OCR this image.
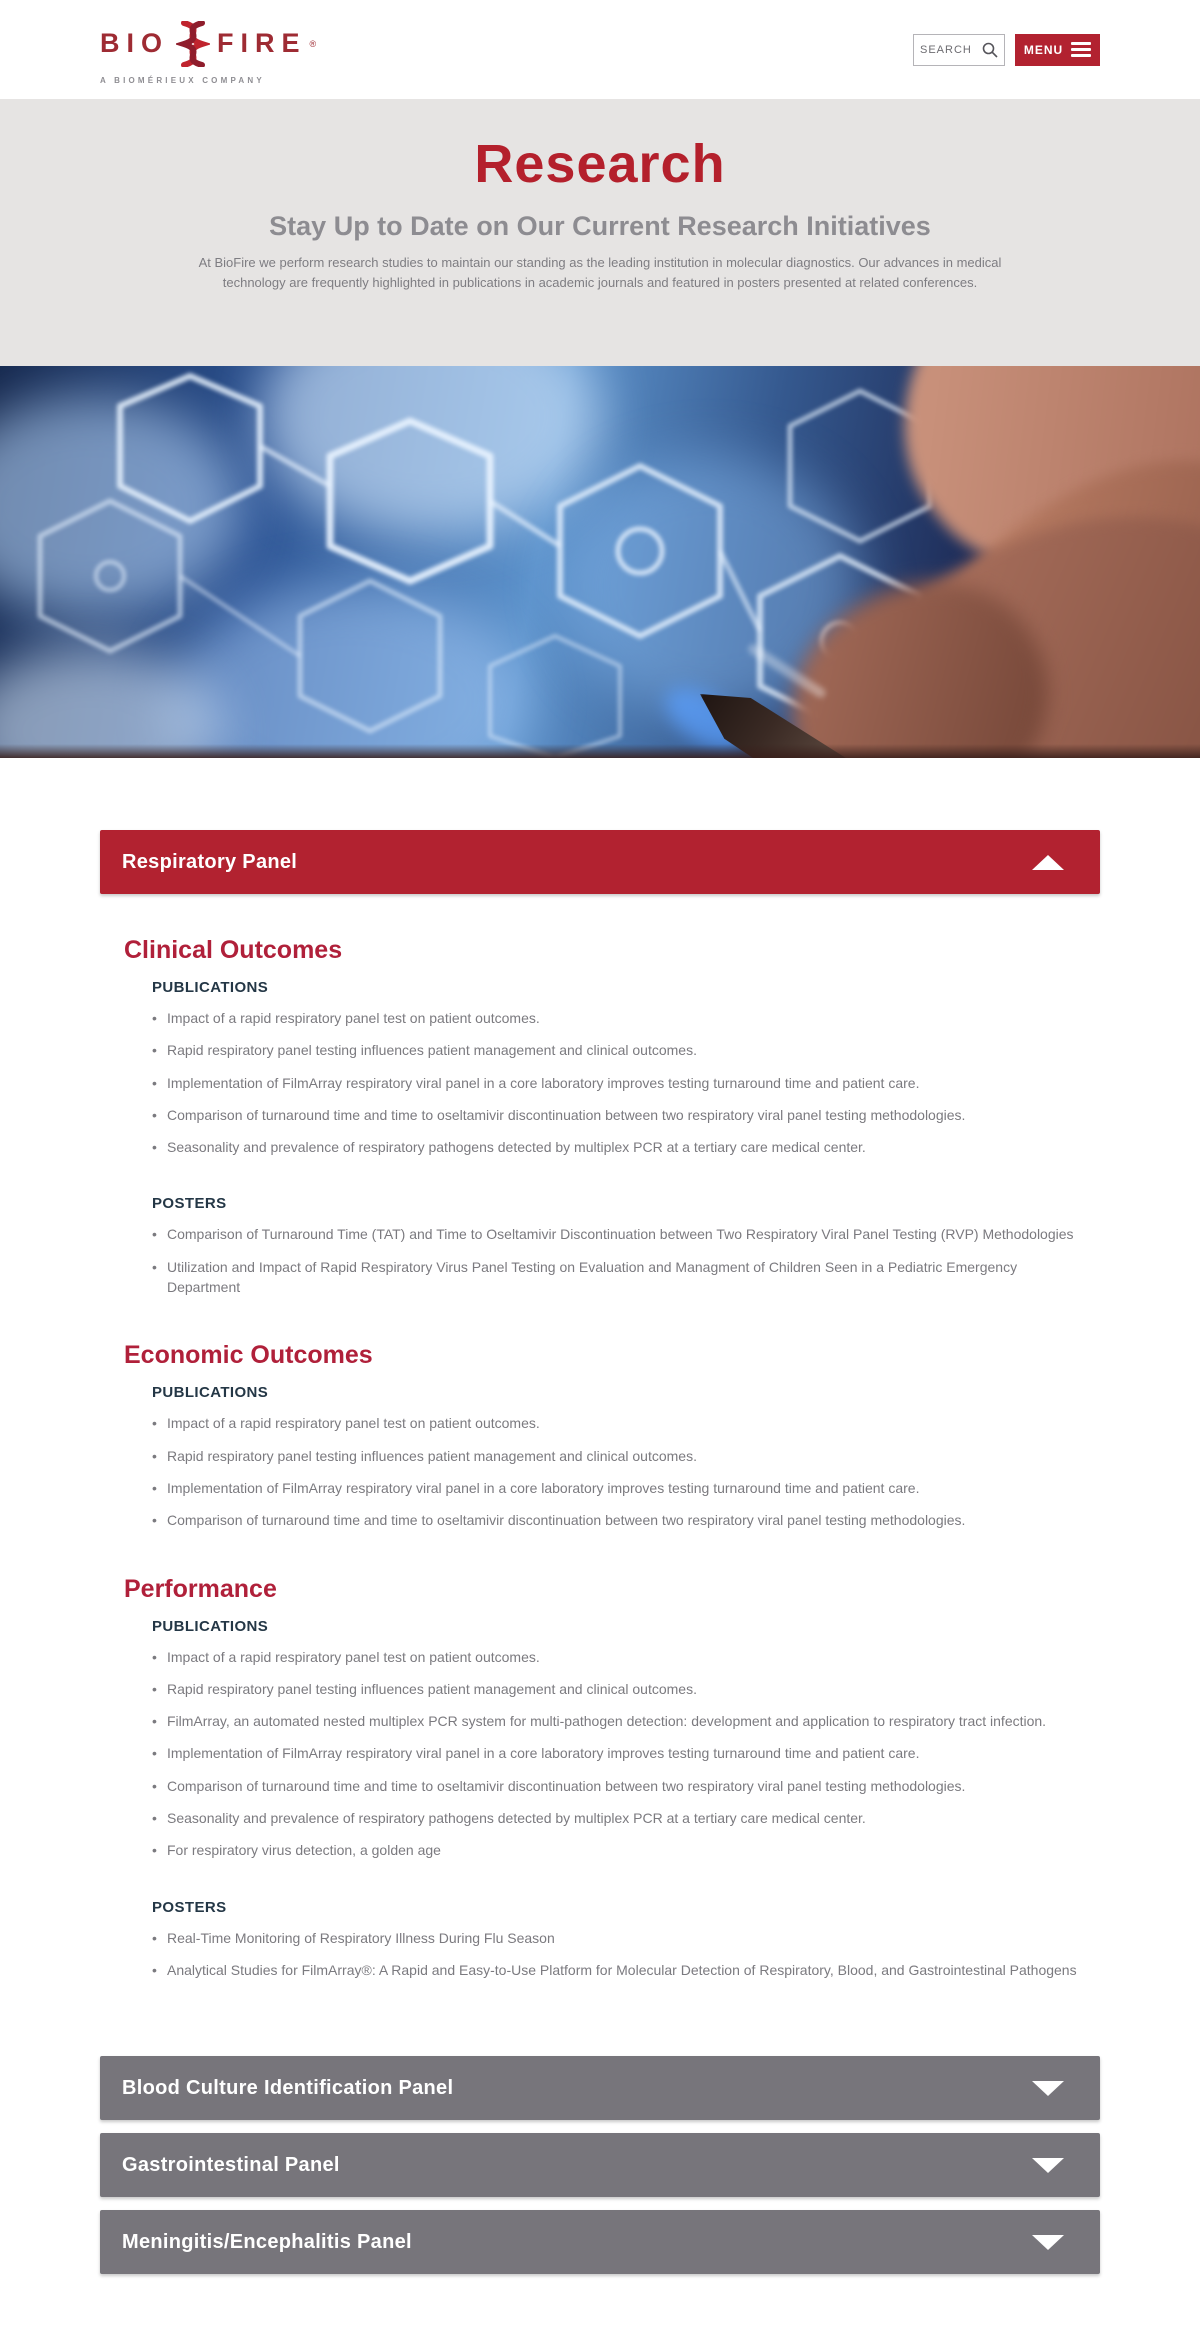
BIO FIRE ®
A BIOMÉRIEUX COMPANY
SEARCH
MENU
Research
Stay Up to Date on Our Current Research Initiatives

At BioFire we perform research studies to maintain our standing as the leading institution in molecular diagnostics. Our advances in medical technology are frequently highlighted in publications in academic journals and featured in posters presented at related conferences.

Respiratory Panel
Clinical Outcomes
PUBLICATIONS
• Impact of a rapid respiratory panel test on patient outcomes.
• Rapid respiratory panel testing influences patient management and clinical outcomes.
• Implementation of FilmArray respiratory viral panel in a core laboratory improves testing turnaround time and patient care.
• Comparison of turnaround time and time to oseltamivir discontinuation between two respiratory viral panel testing methodologies.
• Seasonality and prevalence of respiratory pathogens detected by multiplex PCR at a tertiary care medical center.
POSTERS
• Comparison of Turnaround Time (TAT) and Time to Oseltamivir Discontinuation between Two Respiratory Viral Panel Testing (RVP) Methodologies
• Utilization and Impact of Rapid Respiratory Virus Panel Testing on Evaluation and Managment of Children Seen in a Pediatric Emergency Department
Economic Outcomes
PUBLICATIONS
• Impact of a rapid respiratory panel test on patient outcomes.
• Rapid respiratory panel testing influences patient management and clinical outcomes.
• Implementation of FilmArray respiratory viral panel in a core laboratory improves testing turnaround time and patient care.
• Comparison of turnaround time and time to oseltamivir discontinuation between two respiratory viral panel testing methodologies.
Performance
PUBLICATIONS
• Impact of a rapid respiratory panel test on patient outcomes.
• Rapid respiratory panel testing influences patient management and clinical outcomes.
• FilmArray, an automated nested multiplex PCR system for multi-pathogen detection: development and application to respiratory tract infection.
• Implementation of FilmArray respiratory viral panel in a core laboratory improves testing turnaround time and patient care.
• Comparison of turnaround time and time to oseltamivir discontinuation between two respiratory viral panel testing methodologies.
• Seasonality and prevalence of respiratory pathogens detected by multiplex PCR at a tertiary care medical center.
• For respiratory virus detection, a golden age
POSTERS
• Real-Time Monitoring of Respiratory Illness During Flu Season
• Analytical Studies for FilmArray®: A Rapid and Easy-to-Use Platform for Molecular Detection of Respiratory, Blood, and Gastrointestinal Pathogens
Blood Culture Identification Panel
Gastrointestinal Panel
Meningitis/Encephalitis Panel
